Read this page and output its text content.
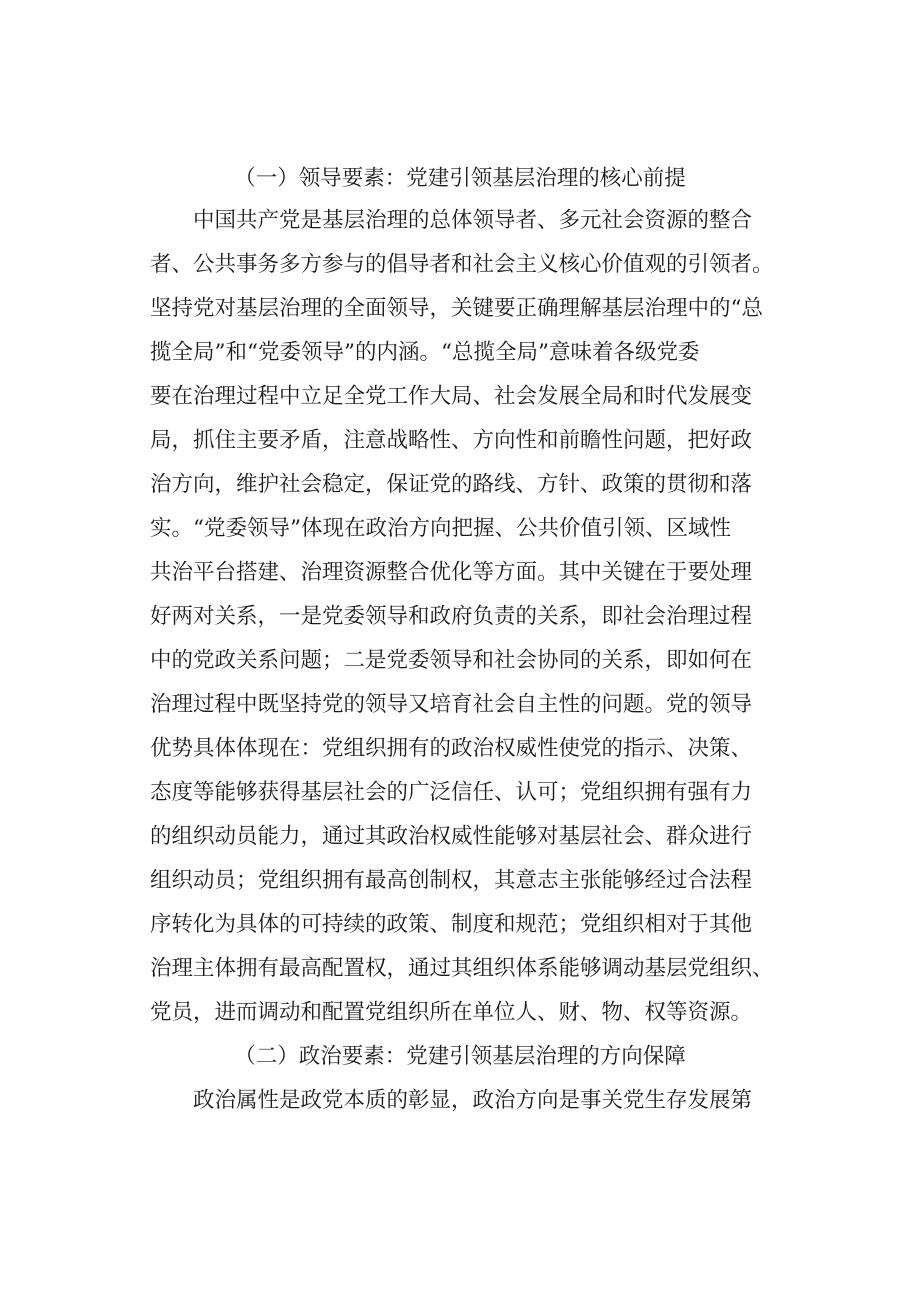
（一）领导要素：党建引领基层治理的核心前提
　　中国共产党是基层治理的总体领导者、多元社会资源的整合
者、公共事务多方参与的倡导者和社会主义核心价值观的引领者。
坚持党对基层治理的全面领导，关键要正确理解基层治理中的“总
揽全局”和“党委领导”的内涵。“总揽全局”意味着各级党委
要在治理过程中立足全党工作大局、社会发展全局和时代发展变
局，抓住主要矛盾，注意战略性、方向性和前瞻性问题，把好政
治方向，维护社会稳定，保证党的路线、方针、政策的贯彻和落
实。“党委领导”体现在政治方向把握、公共价值引领、区域性
共治平台搭建、治理资源整合优化等方面。其中关键在于要处理
好两对关系，一是党委领导和政府负责的关系，即社会治理过程
中的党政关系问题；二是党委领导和社会协同的关系，即如何在
治理过程中既坚持党的领导又培育社会自主性的问题。党的领导
优势具体体现在：党组织拥有的政治权威性使党的指示、决策、
态度等能够获得基层社会的广泛信任、认可；党组织拥有强有力
的组织动员能力，通过其政治权威性能够对基层社会、群众进行
组织动员；党组织拥有最高创制权，其意志主张能够经过合法程
序转化为具体的可持续的政策、制度和规范；党组织相对于其他
治理主体拥有最高配置权，通过其组织体系能够调动基层党组织、
党员，进而调动和配置党组织所在单位人、财、物、权等资源。
（二）政治要素：党建引领基层治理的方向保障
　　政治属性是政党本质的彰显，政治方向是事关党生存发展第
